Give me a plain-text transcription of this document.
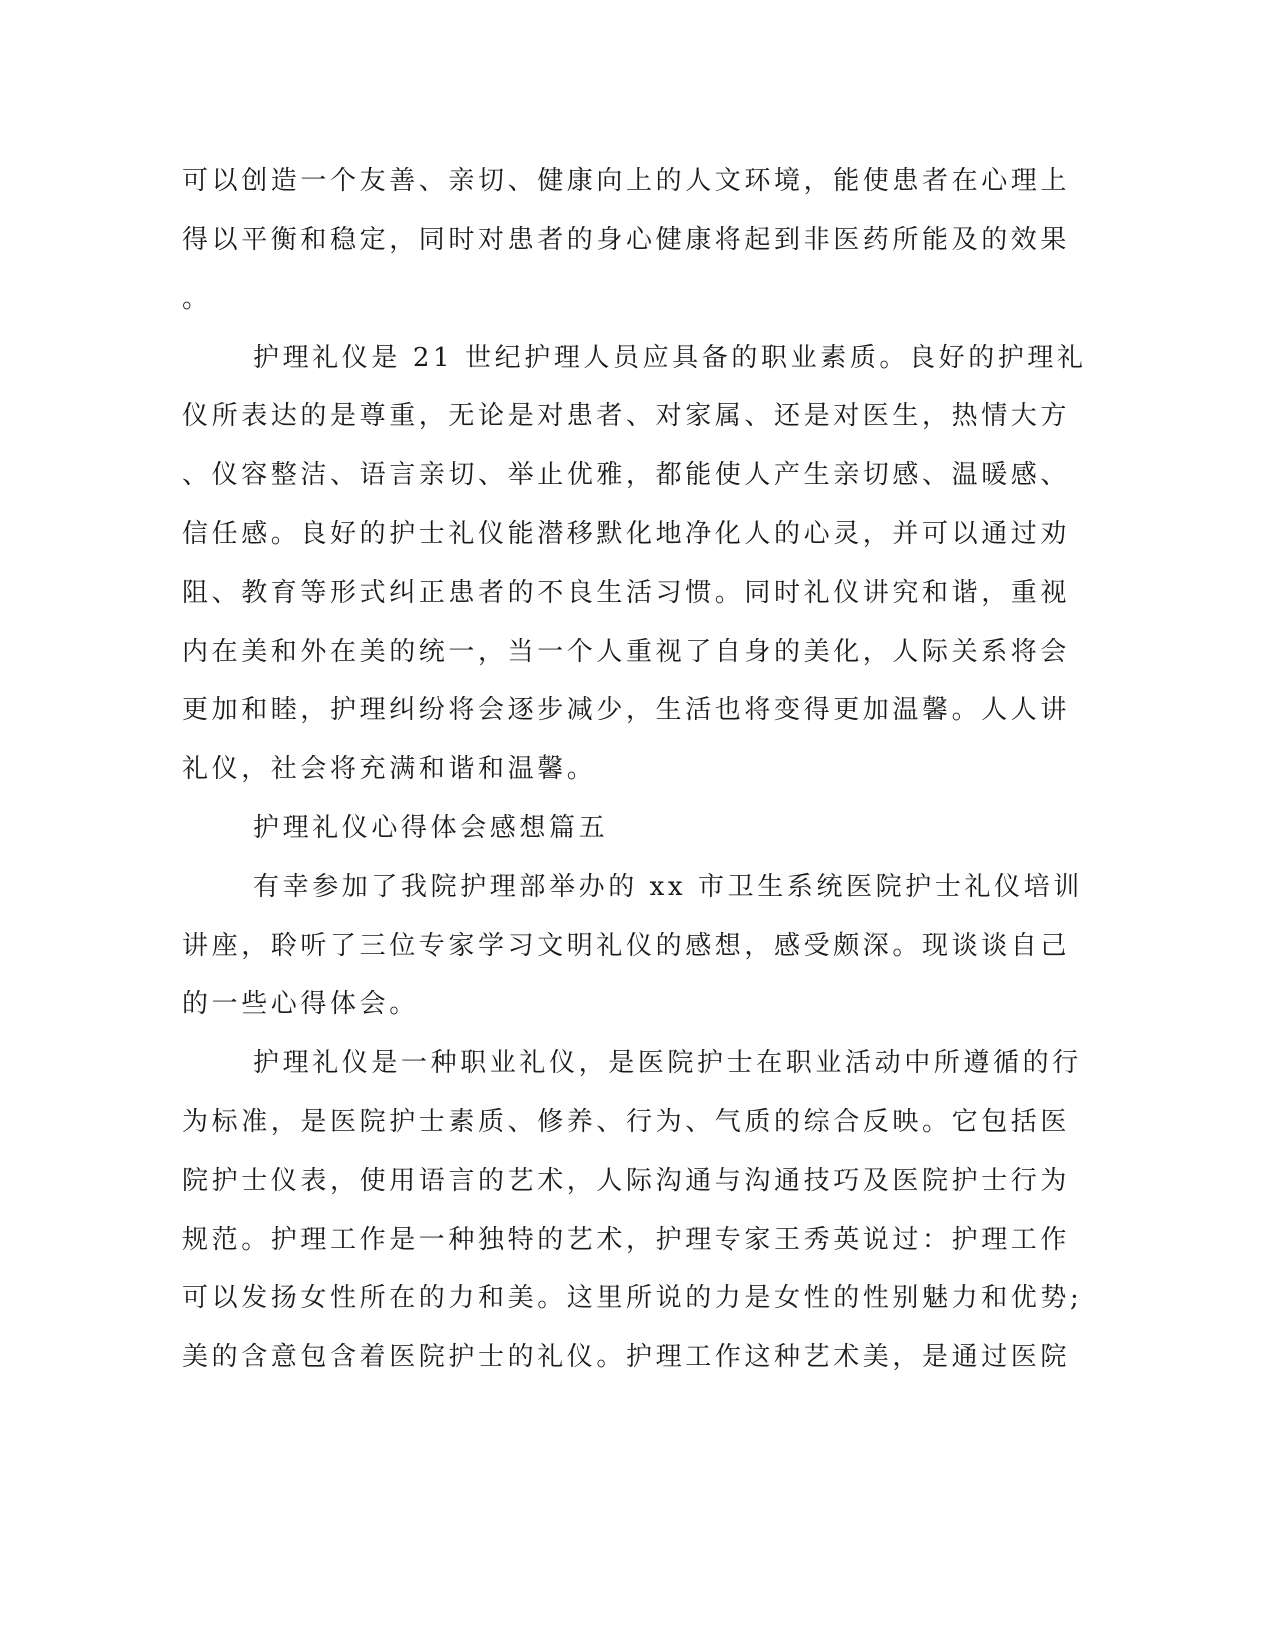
可以创造一个友善、亲切、健康向上的人文环境，能使患者在心理上

得以平衡和稳定，同时对患者的身心健康将起到非医药所能及的效果

。

护理礼仪是 21 世纪护理人员应具备的职业素质。良好的护理礼

仪所表达的是尊重，无论是对患者、对家属、还是对医生，热情大方

、仪容整洁、语言亲切、举止优雅，都能使人产生亲切感、温暖感、

信任感。良好的护士礼仪能潜移默化地净化人的心灵，并可以通过劝

阻、教育等形式纠正患者的不良生活习惯。同时礼仪讲究和谐，重视

内在美和外在美的统一，当一个人重视了自身的美化，人际关系将会

更加和睦，护理纠纷将会逐步减少，生活也将变得更加温馨。人人讲

礼仪，社会将充满和谐和温馨。

护理礼仪心得体会感想篇五

有幸参加了我院护理部举办的 xx 市卫生系统医院护士礼仪培训

讲座，聆听了三位专家学习文明礼仪的感想，感受颇深。现谈谈自己

的一些心得体会。

护理礼仪是一种职业礼仪，是医院护士在职业活动中所遵循的行

为标准，是医院护士素质、修养、行为、气质的综合反映。它包括医

院护士仪表，使用语言的艺术，人际沟通与沟通技巧及医院护士行为

规范。护理工作是一种独特的艺术，护理专家王秀英说过：护理工作

可以发扬女性所在的力和美。这里所说的力是女性的性别魅力和优势;

美的含意包含着医院护士的礼仪。护理工作这种艺术美，是通过医院
